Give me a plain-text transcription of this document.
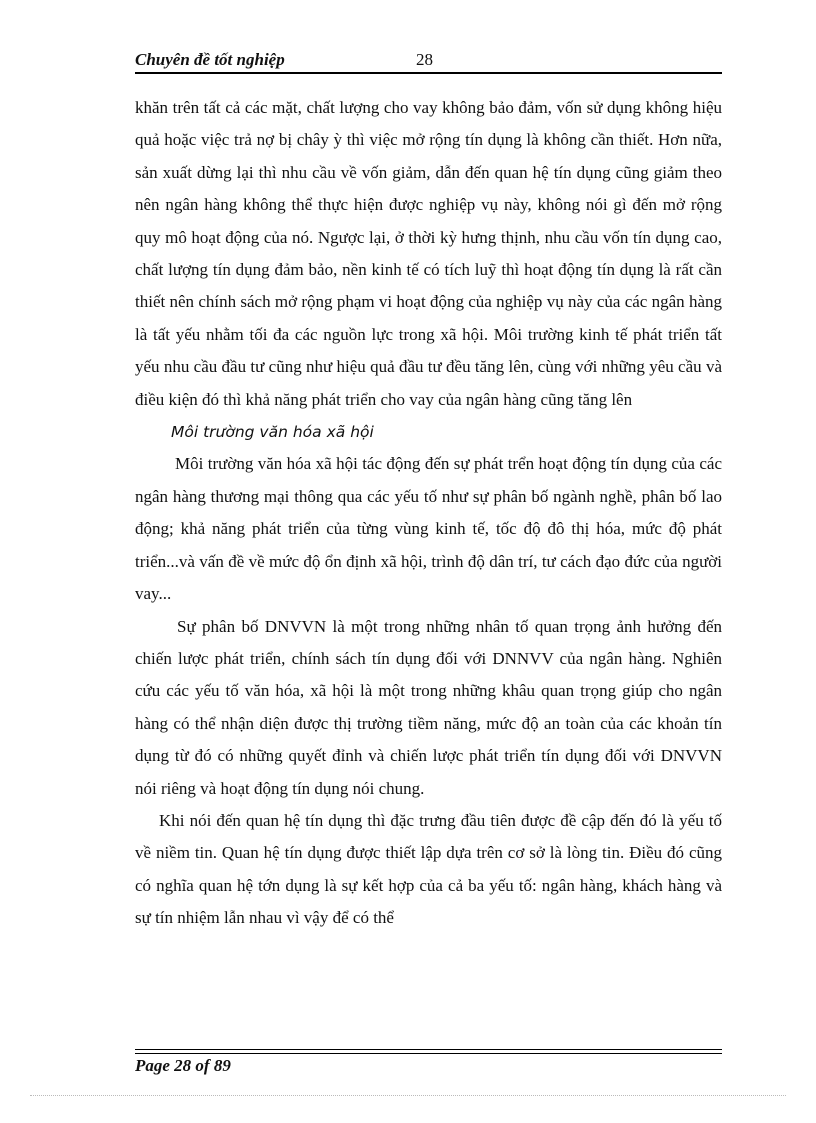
Chuyên đề tốt nghiệp	28

khăn trên tất cả các mặt, chất lượng cho vay không bảo đảm, vốn sử dụng không hiệu quả hoặc việc trả nợ bị chây ỳ thì việc mở rộng tín dụng là không cần thiết. Hơn nữa, sản xuất dừng lại thì nhu cầu về vốn giảm, dẫn đến quan hệ tín dụng cũng giảm theo nên ngân hàng không thể thực hiện được nghiệp vụ này, không nói gì đến mở rộng quy mô hoạt động của nó. Ngược lại, ở thời kỳ hưng thịnh, nhu cầu vốn tín dụng cao, chất lượng tín dụng đảm bảo, nền kinh tế có tích luỹ thì hoạt động tín dụng là rất cần thiết nên chính sách mở rộng phạm vi hoạt động của nghiệp vụ này của các ngân hàng là tất yếu nhằm tối đa các nguồn lực trong xã hội. Môi trường kinh tế phát triển tất yếu nhu cầu đầu tư cũng như hiệu quả đầu tư đều tăng lên, cùng với những yêu cầu và điều kiện đó thì khả năng phát triển cho vay của ngân hàng cũng tăng lên

Môi trường văn hóa xã hội

Môi trường văn hóa xã hội tác động đến sự phát trển hoạt động tín dụng của các ngân hàng thương mại thông qua các yếu tố như sự phân bố ngành nghề, phân bố lao động; khả năng phát triển của từng vùng kinh tế, tốc độ đô thị hóa, mức độ phát triển...và vấn đề về mức độ ổn định xã hội, trình độ dân trí, tư cách đạo đức của người vay...

Sự phân bố DNVVN là một trong những nhân tố quan trọng ảnh hưởng đến chiến lược phát triển, chính sách tín dụng đối với DNNVV của ngân hàng. Nghiên cứu các yếu tố văn hóa, xã hội là một trong những khâu quan trọng giúp cho ngân hàng có thể nhận diện được thị trường tiềm năng, mức độ an toàn của các khoản tín dụng từ đó có những quyết đỉnh và chiến lược phát triển tín dụng đối với DNVVN nói riêng và hoạt động tín dụng nói chung.

Khi nói đến quan hệ tín dụng thì đặc trưng đầu tiên được đề cập đến đó là yếu tố về niềm tin. Quan hệ tín dụng được thiết lập dựa trên cơ sở là lòng tin. Điều đó cũng có nghĩa quan hệ tớn dụng là sự kết hợp của cả ba yếu tố: ngân hàng, khách hàng và sự tín nhiệm lẫn nhau vì vậy để có thể

Page 28 of 89
